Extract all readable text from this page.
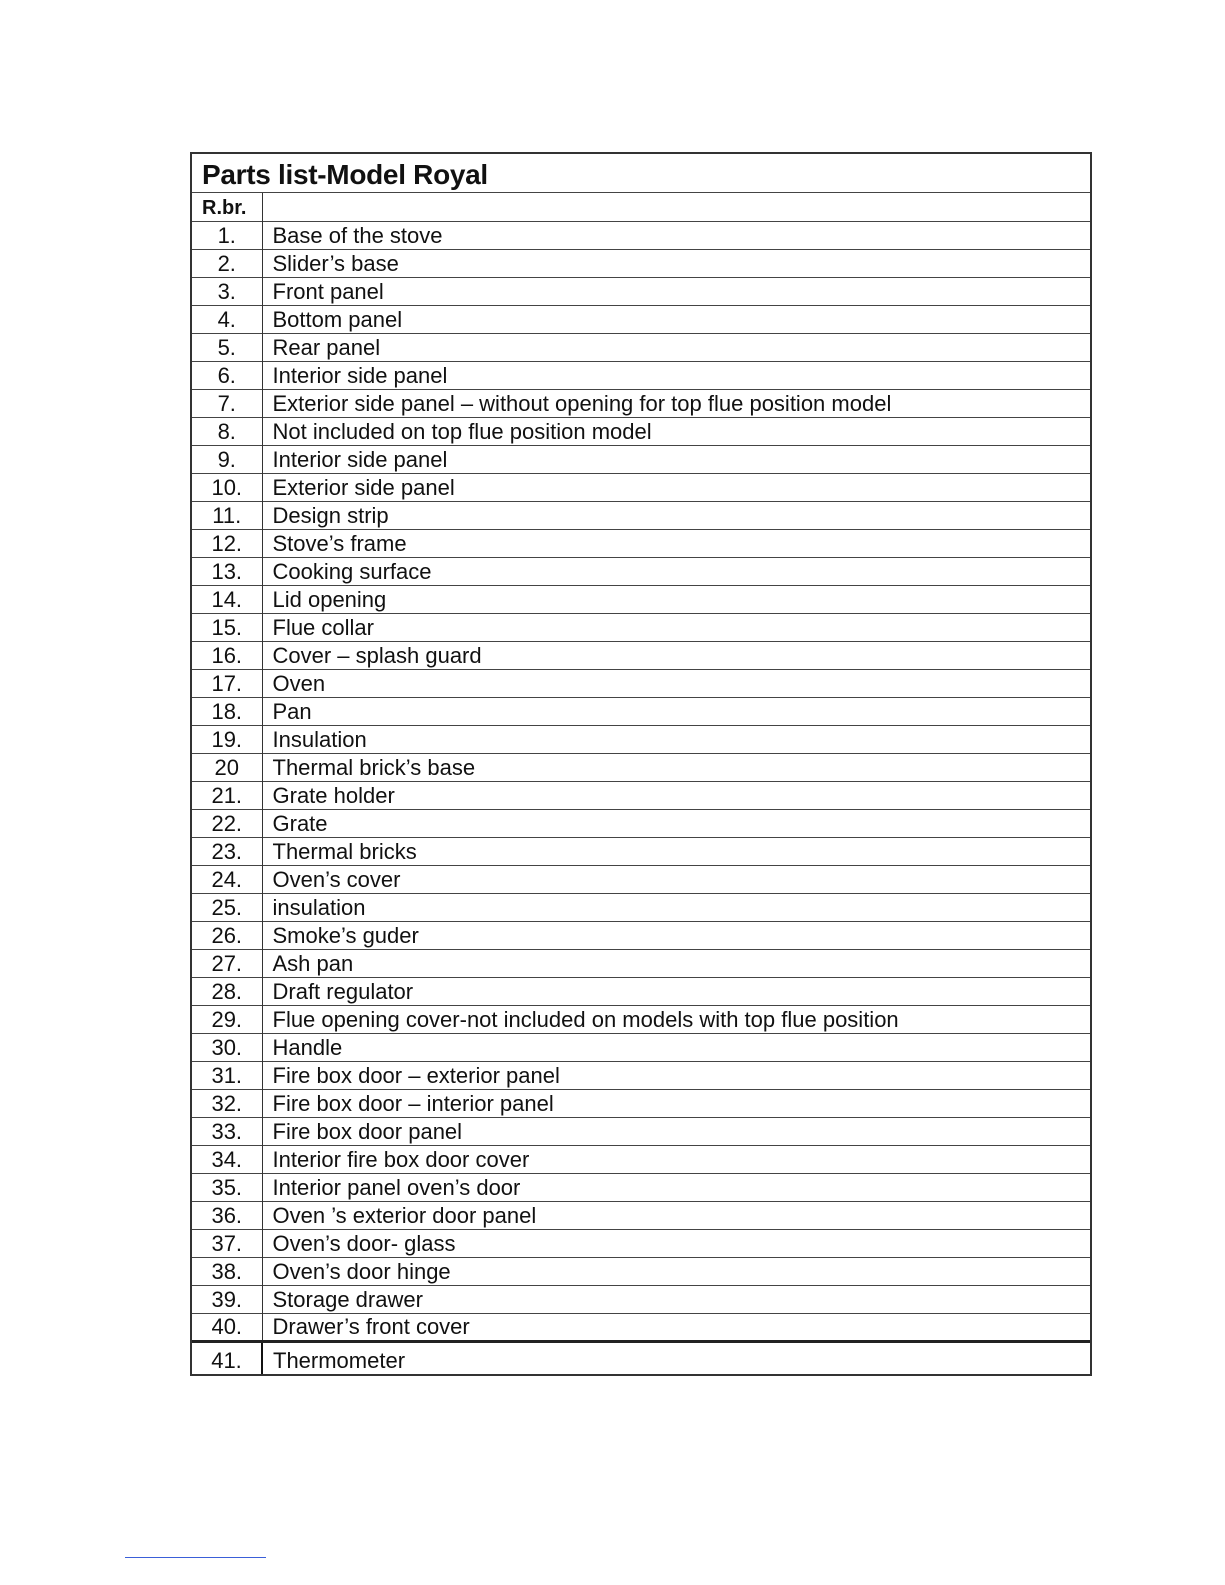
Parts list-Model Royal
R.br.	
1.	Base of the stove
2.	Slider’s base
3.	Front panel
4.	Bottom panel
5.	Rear panel
6.	Interior side panel
7.	Exterior side panel – without opening for top flue position model
8.	Not included on top flue position model
9.	Interior side panel
10.	Exterior side panel
11.	Design strip
12.	Stove’s frame
13.	Cooking surface
14.	Lid opening
15.	Flue collar
16.	Cover – splash guard
17.	Oven
18.	Pan
19.	Insulation
20	Thermal brick’s base
21.	Grate holder
22.	Grate
23.	Thermal bricks
24.	Oven’s cover
25.	insulation
26.	Smoke’s guder
27.	Ash pan
28.	Draft regulator
29.	Flue opening cover-not included on models with top flue position
30.	Handle
31.	Fire box door – exterior panel
32.	Fire box door – interior panel
33.	Fire box door panel
34.	Interior fire box door cover
35.	Interior panel oven’s door
36.	Oven ’s exterior door panel
37.	Oven’s door- glass
38.	Oven’s door hinge
39.	Storage drawer
40.	Drawer’s front cover
41.	Thermometer
